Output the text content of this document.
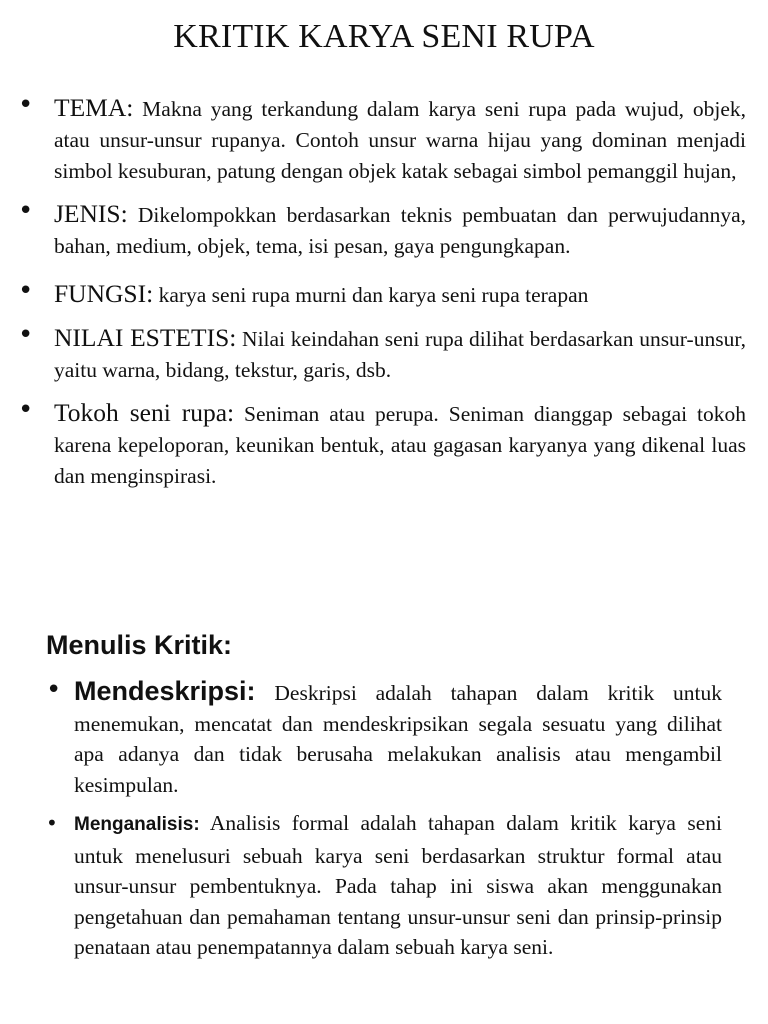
KRITIK KARYA SENI RUPA
• TEMA: Makna yang terkandung dalam karya seni rupa pada wujud, objek, atau unsur-unsur rupanya. Contoh unsur warna hijau yang dominan menjadi simbol kesuburan, patung dengan objek katak sebagai simbol pemanggil hujan,
• JENIS: Dikelompokkan berdasarkan teknis pembuatan dan perwujudannya, bahan, medium, objek, tema, isi pesan, gaya pengungkapan.
• FUNGSI: karya seni rupa murni dan karya seni rupa terapan
• NILAI ESTETIS: Nilai keindahan seni rupa dilihat berdasarkan unsur-unsur, yaitu warna, bidang, tekstur, garis, dsb.
• Tokoh seni rupa: Seniman atau perupa. Seniman dianggap sebagai tokoh karena kepeloporan, keunikan bentuk, atau gagasan karyanya yang dikenal luas dan menginspirasi.
Menulis Kritik:
• Mendeskripsi: Deskripsi adalah tahapan dalam kritik untuk menemukan, mencatat dan mendeskripsikan segala sesuatu yang dilihat apa adanya dan tidak berusaha melakukan analisis atau mengambil kesimpulan.
• Menganalisis: Analisis formal adalah tahapan dalam kritik karya seni untuk menelusuri sebuah karya seni berdasarkan struktur formal atau unsur-unsur pembentuknya. Pada tahap ini siswa akan menggunakan pengetahuan dan pemahaman tentang unsur-unsur seni dan prinsip-prinsip penataan atau penempatannya dalam sebuah karya seni.
